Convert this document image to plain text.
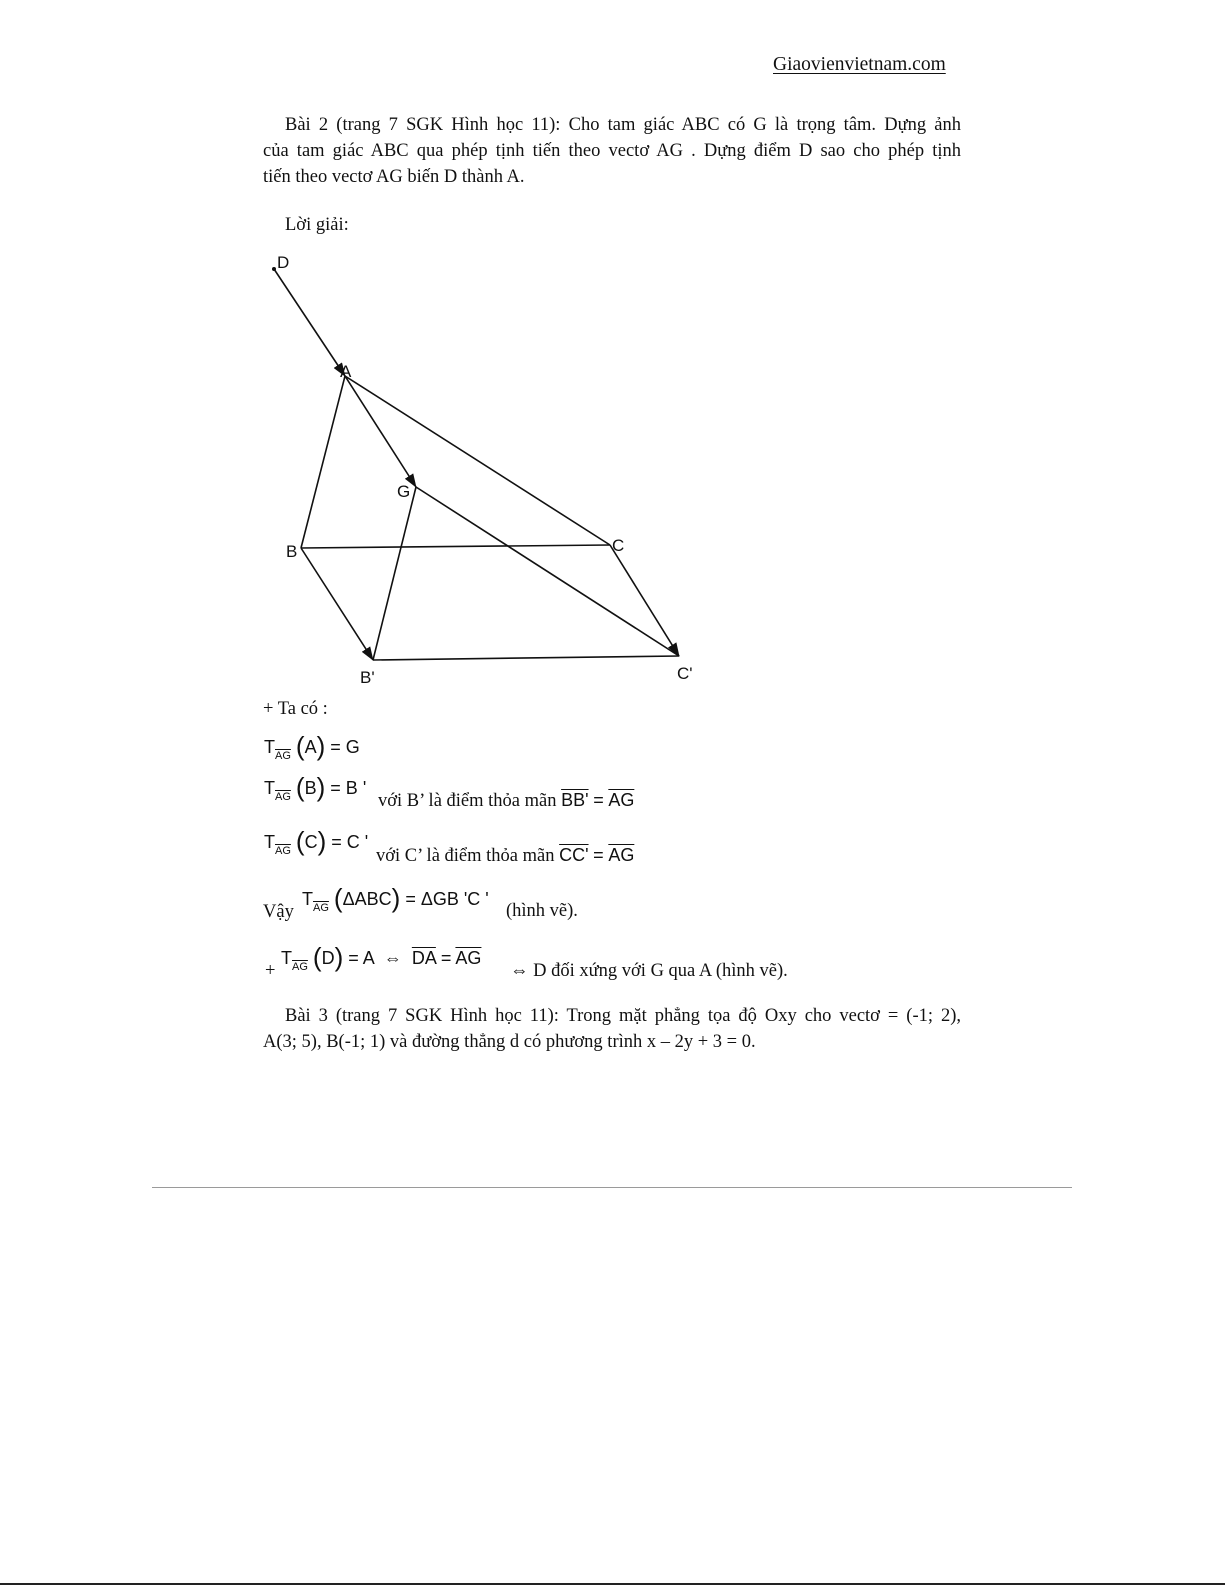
Giaovienvietnam.com
Bài 2 (trang 7 SGK Hình học 11): Cho tam giác ABC có G là trọng tâm. Dựng ảnh
của tam giác ABC qua phép tịnh tiến theo vectơ AG . Dựng điểm D sao cho phép tịnh
tiến theo vectơ AG biến D thành A.
Lời giải:
D
A
G
B	C
B'	C'
+ Ta có :
$T_{\overline{AG}}$ (A) = G
$T_{\overline{AG}}$ (B) = B '
với B’ là điểm thỏa mãn $BB' = \overline{AG}$
$T_{\overline{AG}}$ (C) = C '
với C’ là điểm thỏa mãn $CC' = \overline{AG}$
Vậy
$T_{\overline{AG}}$ (ΔABC) = ΔGB 'C '
(hình vẽ).
+
$T_{\overline{AG}}$ (D) = A ⇔ $\overline{DA} = \overline{AG}$
⇔ D đối xứng với G qua A (hình vẽ).
Bài 3 (trang 7 SGK Hình học 11): Trong mặt phẳng tọa độ Oxy cho vectơ = (-1; 2),
A(3; 5), B(-1; 1) và đường thẳng d có phương trình x – 2y + 3 = 0.
